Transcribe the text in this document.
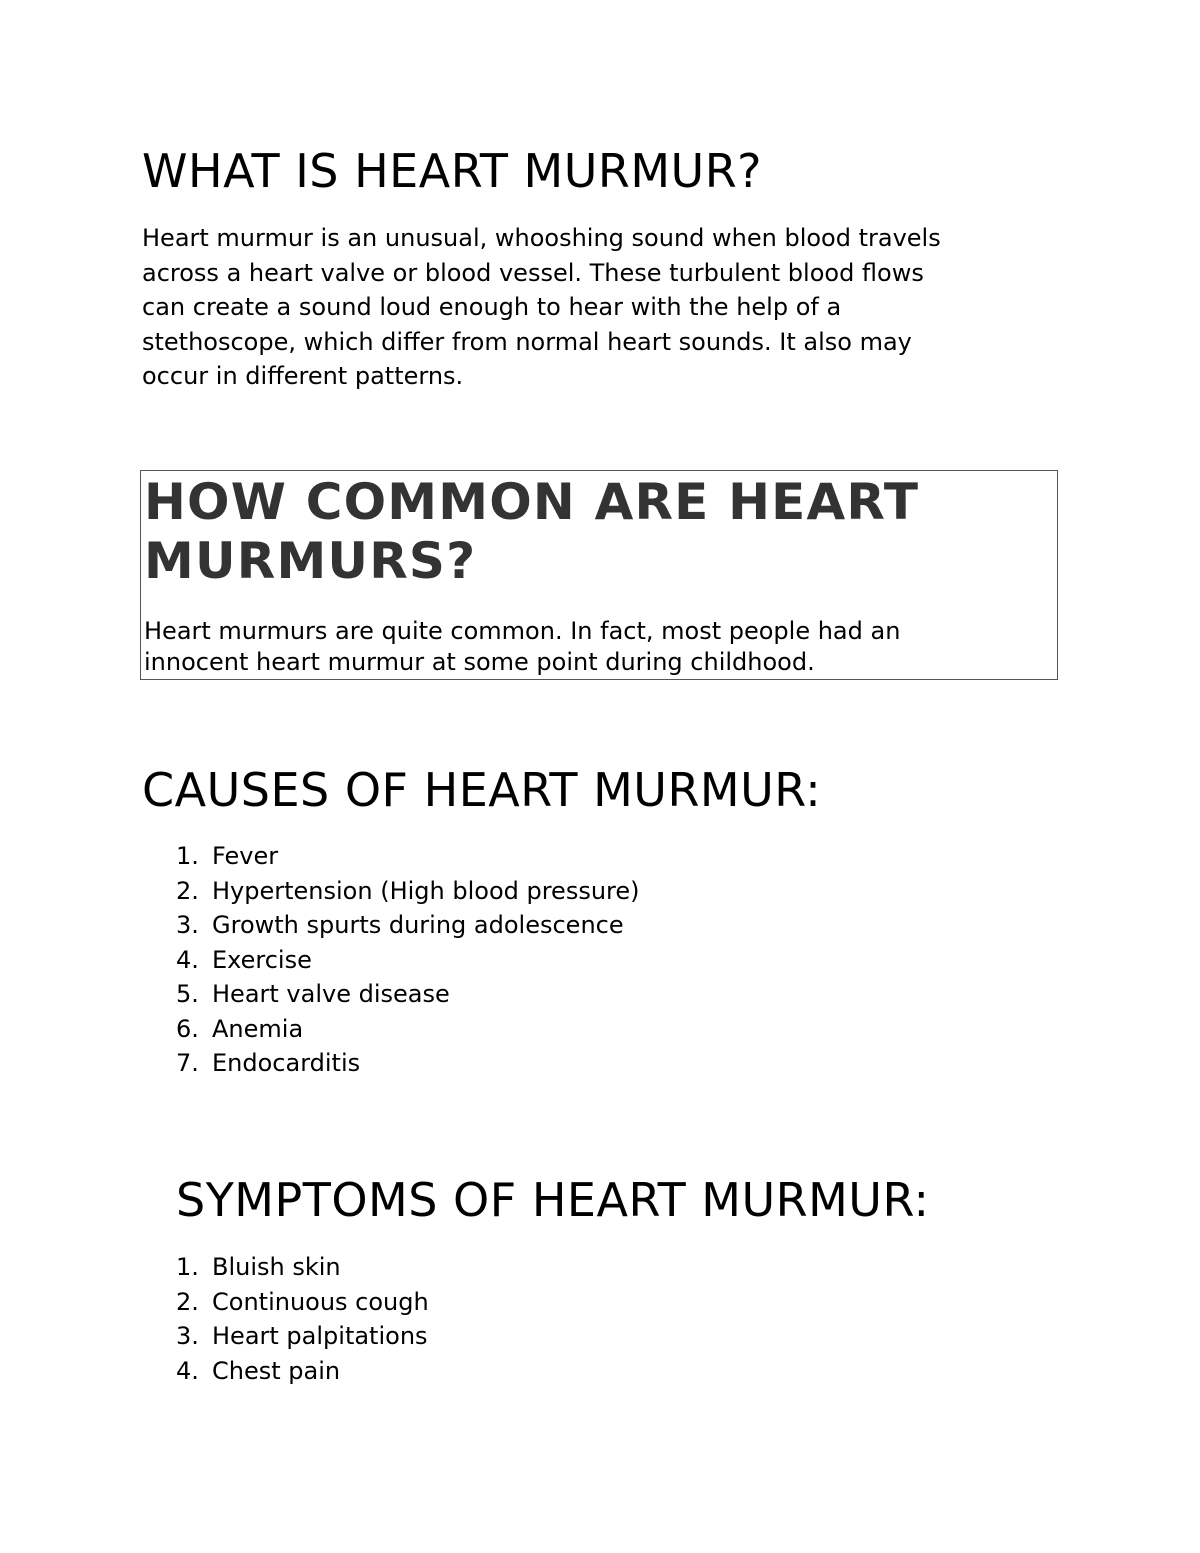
WHAT IS HEART MURMUR?

Heart murmur is an unusual, whooshing sound when blood travels
across a heart valve or blood vessel. These turbulent blood flows
can create a sound loud enough to hear with the help of a
stethoscope, which differ from normal heart sounds. It also may
occur in different patterns.

HOW COMMON ARE HEART
MURMURS?

Heart murmurs are quite common. In fact, most people had an
innocent heart murmur at some point during childhood.

CAUSES OF HEART MURMUR:
1. Fever
2. Hypertension (High blood pressure)
3. Growth spurts during adolescence
4. Exercise
5. Heart valve disease
6. Anemia
7. Endocarditis
SYMPTOMS OF HEART MURMUR:
1. Bluish skin
2. Continuous cough
3. Heart palpitations
4. Chest pain
